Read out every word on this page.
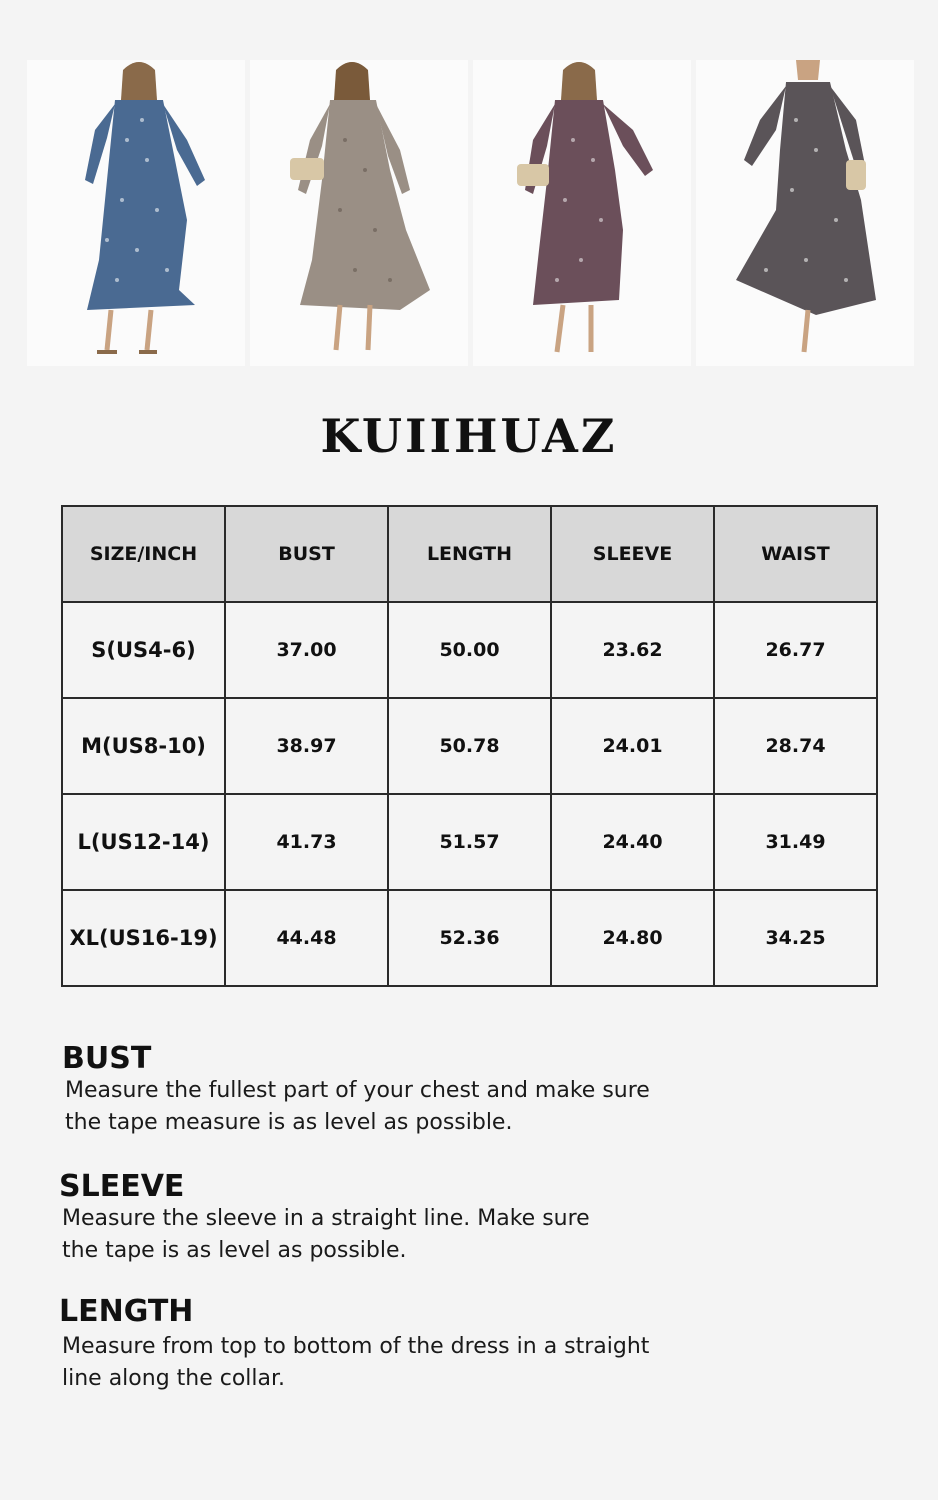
KUIIHUAZ
SIZE/INCH	BUST	LENGTH	SLEEVE	WAIST
S(US4-6)	37.00	50.00	23.62	26.77
M(US8-10)	38.97	50.78	24.01	28.74
L(US12-14)	41.73	51.57	24.40	31.49
XL(US16-19)	44.48	52.36	24.80	34.25
BUST
Measure the fullest part of your chest and make sure
the tape measure is as level as possible.
SLEEVE
Measure the sleeve in a straight line. Make sure
the tape is as level as possible.
LENGTH
Measure from top to bottom of the dress in a straight
line along the collar.
